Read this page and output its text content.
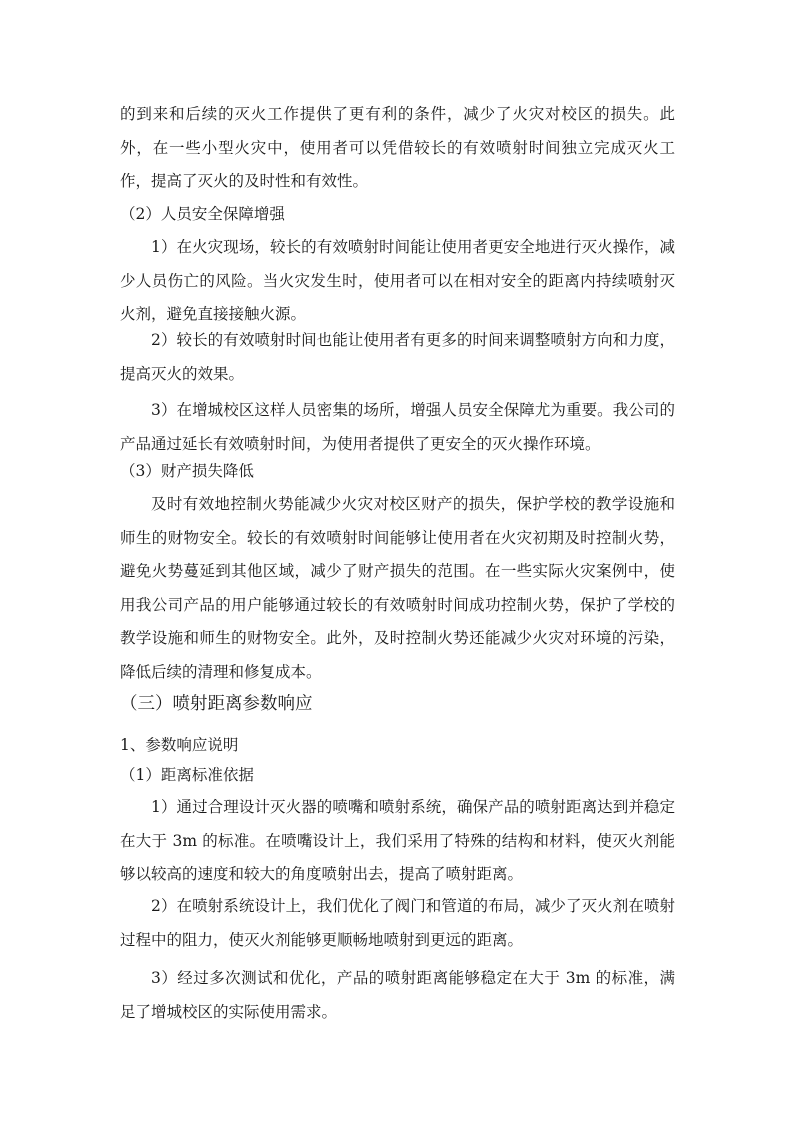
的到来和后续的灭火工作提供了更有利的条件，减少了火灾对校区的损失。此外，在一些小型火灾中，使用者可以凭借较长的有效喷射时间独立完成灭火工作，提高了灭火的及时性和有效性。

（2）人员安全保障增强

1）在火灾现场，较长的有效喷射时间能让使用者更安全地进行灭火操作，减少人员伤亡的风险。当火灾发生时，使用者可以在相对安全的距离内持续喷射灭火剂，避免直接接触火源。

2）较长的有效喷射时间也能让使用者有更多的时间来调整喷射方向和力度，提高灭火的效果。

3）在增城校区这样人员密集的场所，增强人员安全保障尤为重要。我公司的产品通过延长有效喷射时间，为使用者提供了更安全的灭火操作环境。

（3）财产损失降低

及时有效地控制火势能减少火灾对校区财产的损失，保护学校的教学设施和师生的财物安全。较长的有效喷射时间能够让使用者在火灾初期及时控制火势，避免火势蔓延到其他区域，减少了财产损失的范围。在一些实际火灾案例中，使用我公司产品的用户能够通过较长的有效喷射时间成功控制火势，保护了学校的教学设施和师生的财物安全。此外，及时控制火势还能减少火灾对环境的污染，降低后续的清理和修复成本。

（三）喷射距离参数响应

1、参数响应说明

（1）距离标准依据

1）通过合理设计灭火器的喷嘴和喷射系统，确保产品的喷射距离达到并稳定在大于 3m 的标准。在喷嘴设计上，我们采用了特殊的结构和材料，使灭火剂能够以较高的速度和较大的角度喷射出去，提高了喷射距离。

2）在喷射系统设计上，我们优化了阀门和管道的布局，减少了灭火剂在喷射过程中的阻力，使灭火剂能够更顺畅地喷射到更远的距离。

3）经过多次测试和优化，产品的喷射距离能够稳定在大于 3m 的标准，满足了增城校区的实际使用需求。
